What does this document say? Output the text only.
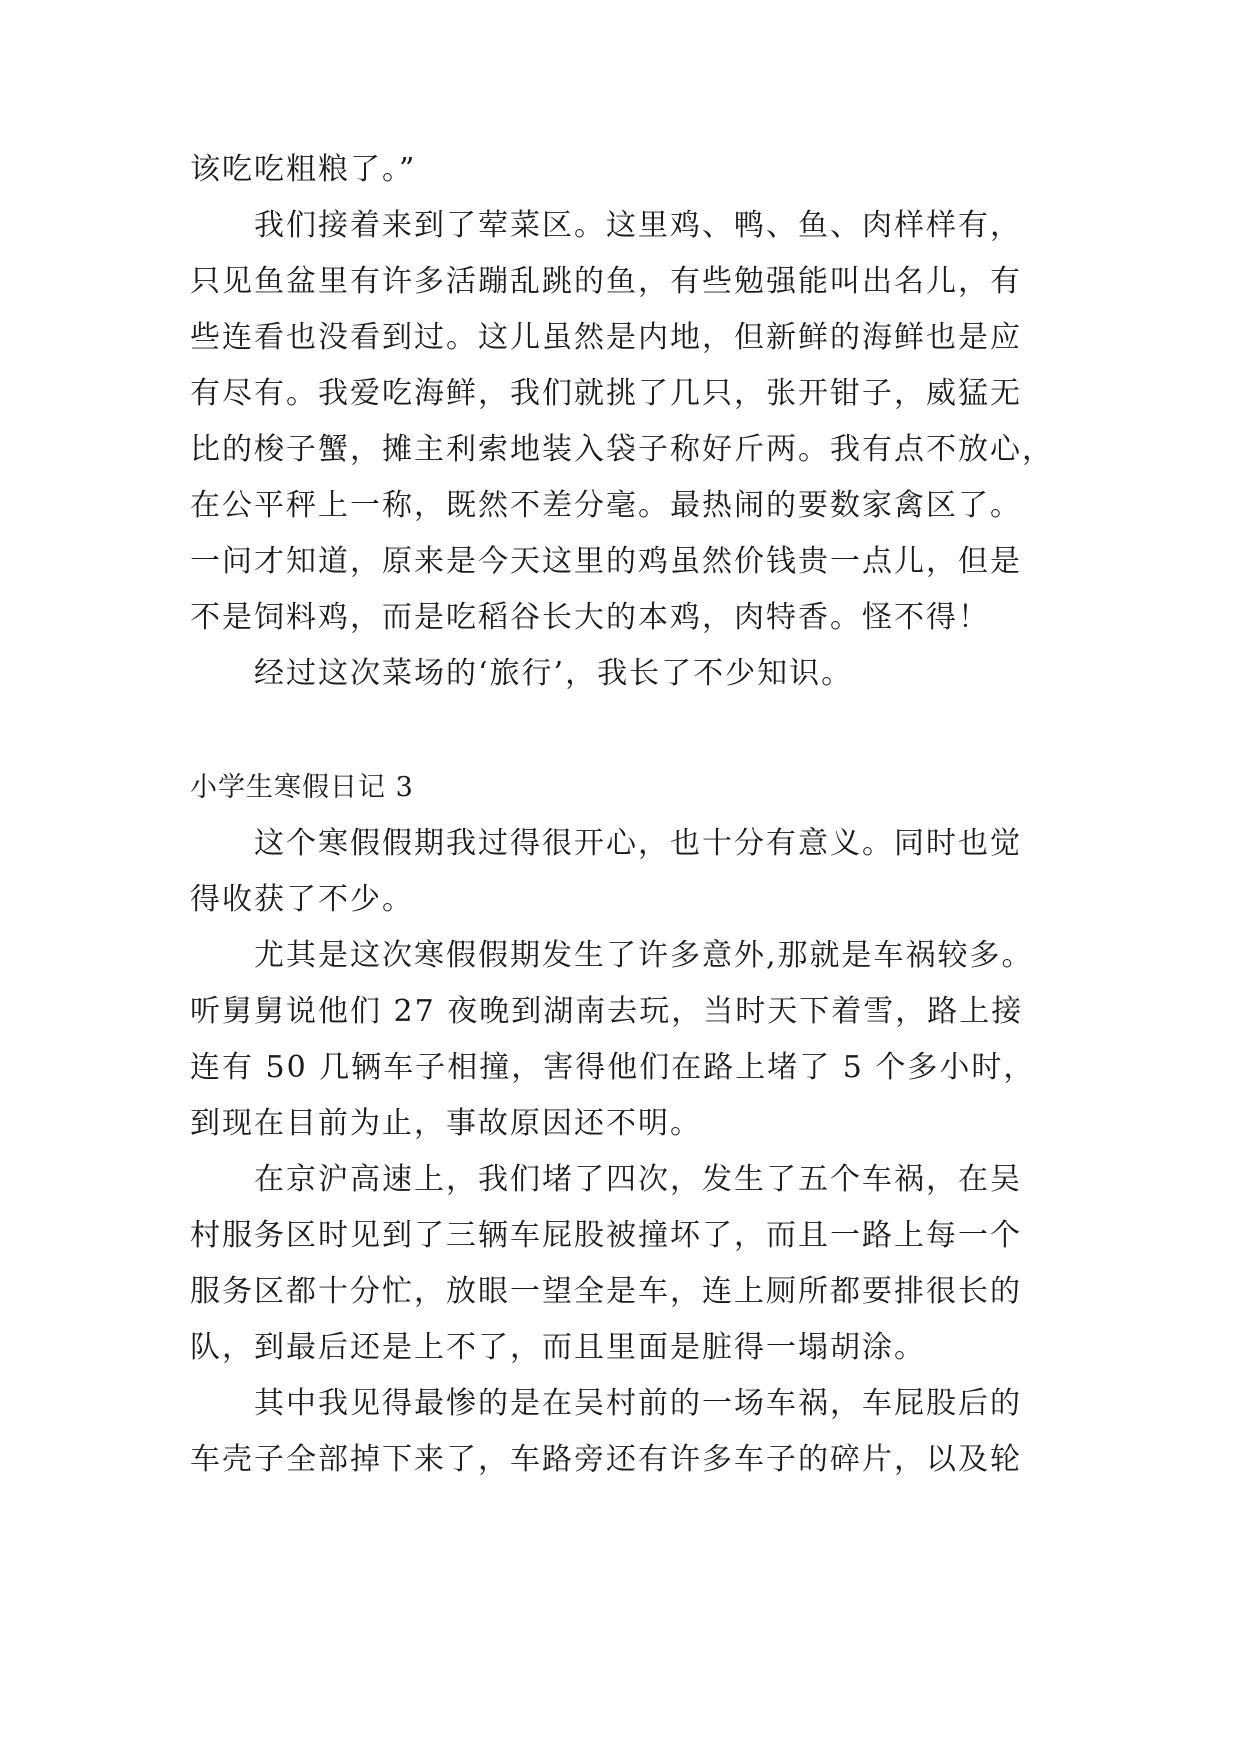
该吃吃粗粮了。”
我们接着来到了荤菜区。这里鸡、鸭、鱼、肉样样有，
只见鱼盆里有许多活蹦乱跳的鱼，有些勉强能叫出名儿，有
些连看也没看到过。这儿虽然是内地，但新鲜的海鲜也是应
有尽有。我爱吃海鲜，我们就挑了几只，张开钳子，威猛无
比的梭子蟹，摊主利索地装入袋子称好斤两。我有点不放心，
在公平秤上一称，既然不差分毫。最热闹的要数家禽区了。
一问才知道，原来是今天这里的鸡虽然价钱贵一点儿，但是
不是饲料鸡，而是吃稻谷长大的本鸡，肉特香。怪不得！
经过这次菜场的‘旅行’，我长了不少知识。
小学生寒假日记 3
这个寒假假期我过得很开心，也十分有意义。同时也觉
得收获了不少。
尤其是这次寒假假期发生了许多意外,那就是车祸较多。
听舅舅说他们 27 夜晚到湖南去玩，当时天下着雪，路上接
连有 50 几辆车子相撞，害得他们在路上堵了 5 个多小时，
到现在目前为止，事故原因还不明。
在京沪高速上，我们堵了四次，发生了五个车祸，在吴
村服务区时见到了三辆车屁股被撞坏了，而且一路上每一个
服务区都十分忙，放眼一望全是车，连上厕所都要排很长的
队，到最后还是上不了，而且里面是脏得一塌胡涂。
其中我见得最惨的是在吴村前的一场车祸，车屁股后的
车壳子全部掉下来了，车路旁还有许多车子的碎片，以及轮
